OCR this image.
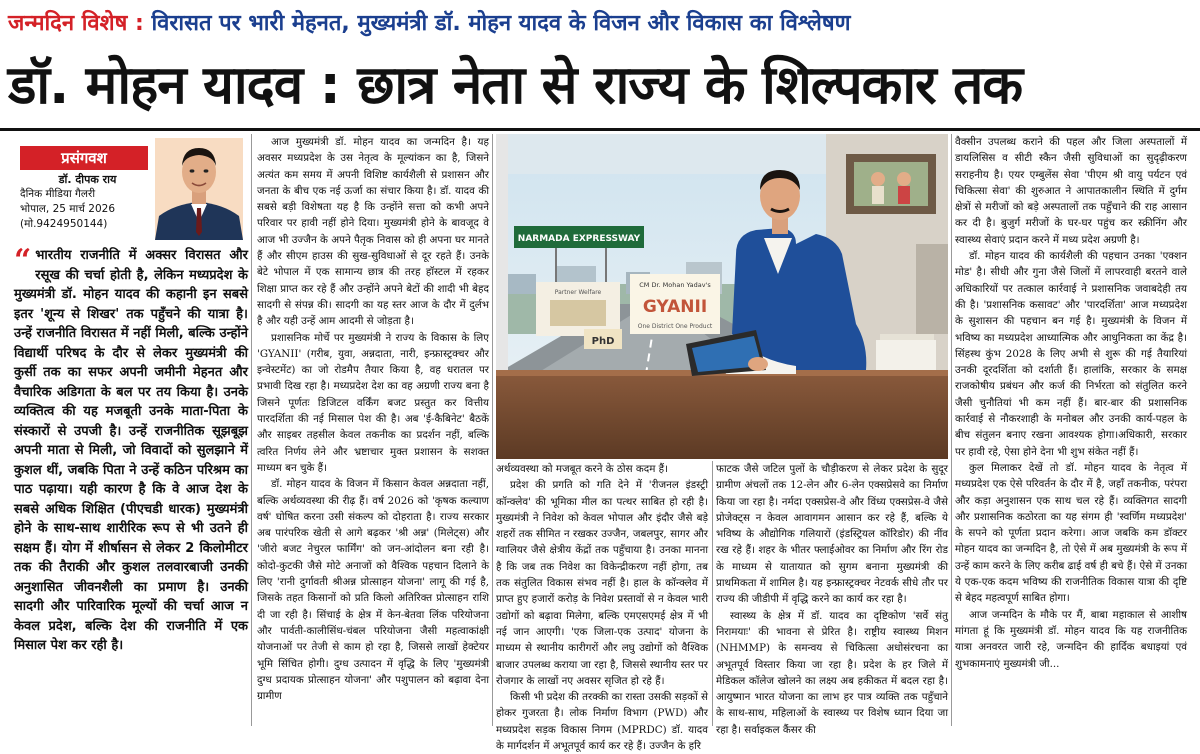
जन्मदिन विशेष : विरासत पर भारी मेहनत, मुख्यमंत्री डॉ. मोहन यादव के विजन और विकास का विश्लेषण
डॉ. मोहन यादव : छात्र नेता से राज्य के शिल्पकार तक
प्रसंगवश
डॉ. दीपक राय
दैनिक मीडिया गैलरी
भोपाल, 25 मार्च 2026
(मो.9424950144)
“ भारतीय राजनीति में अक्सर विरासत और रसूख की चर्चा होती है, लेकिन मध्यप्रदेश के मुख्यमंत्री डॉ. मोहन यादव की कहानी इन सबसे इतर 'शून्य से शिखर' तक पहुँचने की यात्रा है। उन्हें राजनीति विरासत में नहीं मिली, बल्कि उन्होंने विद्यार्थी परिषद के दौर से लेकर मुख्यमंत्री की कुर्सी तक का सफर अपनी जमीनी मेहनत और वैचारिक अडिगता के बल पर तय किया है। उनके व्यक्तित्व की यह मजबूती उनके माता-पिता के संस्कारों से उपजी है। उन्हें राजनीतिक सूझबूझ अपनी माता से मिली, जो विवादों को सुलझाने में कुशल थीं, जबकि पिता ने उन्हें कठिन परिश्रम का पाठ पढ़ाया। यही कारण है कि वे आज देश के सबसे अधिक शिक्षित (पीएचडी धारक) मुख्यमंत्री होने के साथ-साथ शारीरिक रूप से भी उतने ही सक्षम हैं। योग में शीर्षासन से लेकर 2 किलोमीटर तक की तैराकी और कुशल तलवारबाजी उनकी अनुशासित जीवनशैली का प्रमाण है। उनकी सादगी और पारिवारिक मूल्यों की चर्चा आज न केवल प्रदेश, बल्कि देश की राजनीति में एक मिसाल पेश कर रही है।

आज मुख्यमंत्री डॉ. मोहन यादव का जन्मदिन है। यह अवसर मध्यप्रदेश के उस नेतृत्व के मूल्यांकन का है, जिसने अत्यंत कम समय में अपनी विशिष्ट कार्यशैली से प्रशासन और जनता के बीच एक नई ऊर्जा का संचार किया है। डॉ. यादव की सबसे बड़ी विशेषता यह है कि उन्होंने सत्ता को कभी अपने परिवार पर हावी नहीं होने दिया। मुख्यमंत्री होने के बावजूद वे आज भी उज्जैन के अपने पैतृक निवास को ही अपना घर मानते हैं और सीएम हाउस की सुख-सुविधाओं से दूर रहते हैं। उनके बेटे भोपाल में एक सामान्य छात्र की तरह हॉस्टल में रहकर शिक्षा प्राप्त कर रहे हैं और उन्होंने अपने बेटों की शादी भी बेहद सादगी से संपन्न की। सादगी का यह स्तर आज के दौर में दुर्लभ है और यही उन्हें आम आदमी से जोड़ता है।

प्रशासनिक मोर्चे पर मुख्यमंत्री ने राज्य के विकास के लिए 'GYANII' (गरीब, युवा, अन्नदाता, नारी, इन्फ्रास्ट्रक्चर और इन्वेस्टमेंट) का जो रोडमैप तैयार किया है, वह धरातल पर प्रभावी दिख रहा है। मध्यप्रदेश देश का वह अग्रणी राज्य बना है जिसने पूर्णतः डिजिटल वर्किंग बजट प्रस्तुत कर वित्तीय पारदर्शिता की नई मिसाल पेश की है। अब 'ई-कैबिनेट' बैठकें और साइबर तहसील केवल तकनीक का प्रदर्शन नहीं, बल्कि त्वरित निर्णय लेने और भ्रष्टाचार मुक्त प्रशासन के सशक्त माध्यम बन चुके हैं।

डॉ. मोहन यादव के विजन में किसान केवल अन्नदाता नहीं, बल्कि अर्थव्यवस्था की रीढ़ हैं। वर्ष 2026 को 'कृषक कल्याण वर्ष' घोषित करना उसी संकल्प को दोहराता है। राज्य सरकार अब पारंपरिक खेती से आगे बढ़कर 'श्री अन्न' (मिलेट्स) और 'जीरो बजट नेचुरल फार्मिंग' को जन-आंदोलन बना रही है। कोदो-कुटकी जैसे मोटे अनाजों को वैश्विक पहचान दिलाने के लिए 'रानी दुर्गावती श्रीअन्न प्रोत्साहन योजना' लागू की गई है, जिसके तहत किसानों को प्रति किलो अतिरिक्त प्रोत्साहन राशि दी जा रही है। सिंचाई के क्षेत्र में केन-बेतवा लिंक परियोजना और पार्वती-कालीसिंध-चंबल परियोजना जैसी महत्वाकांक्षी योजनाओं पर तेजी से काम हो रहा है, जिससे लाखों हेक्टेयर भूमि सिंचित होगी। दुग्ध उत्पादन में वृद्धि के लिए 'मुख्यमंत्री दुग्ध प्रदायक प्रोत्साहन योजना' और पशुपालन को बढ़ावा देना ग्रामीण

NARMADA EXPRESSWAY
Partner Welfare
CM Dr. Mohan Yadav's
GYANII
One District One Product
PhD

अर्थव्यवस्था को मजबूत करने के ठोस कदम हैं।

प्रदेश की प्रगति को गति देने में 'रीजनल इंडस्ट्री कॉन्क्लेव' की भूमिका मील का पत्थर साबित हो रही है। मुख्यमंत्री ने निवेश को केवल भोपाल और इंदौर जैसे बड़े शहरों तक सीमित न रखकर उज्जैन, जबलपुर, सागर और ग्वालियर जैसे क्षेत्रीय केंद्रों तक पहुँचाया है। उनका मानना है कि जब तक निवेश का विकेन्द्रीकरण नहीं होगा, तब तक संतुलित विकास संभव नहीं है। हाल के कॉन्क्लेव में प्राप्त हुए हजारों करोड़ के निवेश प्रस्तावों से न केवल भारी उद्योगों को बढ़ावा मिलेगा, बल्कि एमएसएमई क्षेत्र में भी नई जान आएगी। 'एक जिला-एक उत्पाद' योजना के माध्यम से स्थानीय कारीगरों और लघु उद्योगों को वैश्विक बाजार उपलब्ध कराया जा रहा है, जिससे स्थानीय स्तर पर रोजगार के लाखों नए अवसर सृजित हो रहे हैं।

किसी भी प्रदेश की तरक्की का रास्ता उसकी सड़कों से होकर गुजरता है। लोक निर्माण विभाग (PWD) और मध्यप्रदेश सड़क विकास निगम (MPRDC) डॉ. यादव के मार्गदर्शन में अभूतपूर्व कार्य कर रहे हैं। उज्जैन के हरि

फाटक जैसे जटिल पुलों के चौड़ीकरण से लेकर प्रदेश के सुदूर ग्रामीण अंचलों तक 12-लेन और 6-लेन एक्सप्रेसवे का निर्माण किया जा रहा है। नर्मदा एक्सप्रेस-वे और विंध्य एक्सप्रेस-वे जैसे प्रोजेक्ट्स न केवल आवागमन आसान कर रहे हैं, बल्कि ये भविष्य के औद्योगिक गलियारों (इंडस्ट्रियल कॉरिडोर) की नींव रख रहे हैं। शहर के भीतर फ्लाईओवर का निर्माण और रिंग रोड के माध्यम से यातायात को सुगम बनाना मुख्यमंत्री की प्राथमिकता में शामिल है। यह इन्फ्रास्ट्रक्चर नेटवर्क सीधे तौर पर राज्य की जीडीपी में वृद्धि करने का कार्य कर रहा है।

स्वास्थ्य के क्षेत्र में डॉ. यादव का दृष्टिकोण 'सर्वे संतु निरामयाः' की भावना से प्रेरित है। राष्ट्रीय स्वास्थ्य मिशन (NHMMP) के समन्वय से चिकित्सा अधोसंरचना का अभूतपूर्व विस्तार किया जा रहा है। प्रदेश के हर जिले में मेडिकल कॉलेज खोलने का लक्ष्य अब हकीकत में बदल रहा है। आयुष्मान भारत योजना का लाभ हर पात्र व्यक्ति तक पहुँचाने के साथ-साथ, महिलाओं के स्वास्थ्य पर विशेष ध्यान दिया जा रहा है। सर्वाइकल कैंसर की

वैक्सीन उपलब्ध कराने की पहल और जिला अस्पतालों में डायलिसिस व सीटी स्कैन जैसी सुविधाओं का सुदृढ़ीकरण सराहनीय है। एयर एम्बुलेंस सेवा 'पीएम श्री वायु पर्यटन एवं चिकित्सा सेवा' की शुरुआत ने आपातकालीन स्थिति में दुर्गम क्षेत्रों से मरीजों को बड़े अस्पतालों तक पहुँचाने की राह आसान कर दी है। बुजुर्ग मरीजों के घर-घर पहुंच कर स्क्रीनिंग और स्वास्थ्य सेवाएं प्रदान करने में मध्य प्रदेश अग्रणी है।

डॉ. मोहन यादव की कार्यशैली की पहचान उनका 'एक्शन मोड' है। सीधी और गुना जैसे जिलों में लापरवाही बरतने वाले अधिकारियों पर तत्काल कार्रवाई ने प्रशासनिक जवाबदेही तय की है। 'प्रशासनिक कसावट' और 'पारदर्शिता' आज मध्यप्रदेश के सुशासन की पहचान बन गई है। मुख्यमंत्री के विजन में भविष्य का मध्यप्रदेश आध्यात्मिक और आधुनिकता का केंद्र है। सिंहस्थ कुंभ 2028 के लिए अभी से शुरू की गई तैयारियां उनकी दूरदर्शिता को दर्शाती हैं। हालांकि, सरकार के समक्ष राजकोषीय प्रबंधन और कर्ज की निर्भरता को संतुलित करने जैसी चुनौतियां भी कम नहीं हैं। बार-बार की प्रशासनिक कार्रवाई से नौकरशाही के मनोबल और उनकी कार्य-पहल के बीच संतुलन बनाए रखना आवश्यक होगा।अधिकारी, सरकार पर हावी रहे, ऐसा होने देना भी शुभ संकेत नहीं हैं।

कुल मिलाकर देखें तो डॉ. मोहन यादव के नेतृत्व में मध्यप्रदेश एक ऐसे परिवर्तन के दौर में है, जहाँ तकनीक, परंपरा और कड़ा अनुशासन एक साथ चल रहे हैं। व्यक्तिगत सादगी और प्रशासनिक कठोरता का यह संगम ही 'स्वर्णिम मध्यप्रदेश' के सपने को पूर्णता प्रदान करेगा। आज जबकि कम डॉक्टर मोहन यादव का जन्मदिन है, तो ऐसे में अब मुख्यमंत्री के रूप में उन्हें काम करने के लिए करीब ढाई वर्ष ही बचे हैं। ऐसे में उनका ये एक-एक कदम भविष्य की राजनीतिक विकास यात्रा की दृष्टि से बेहद महत्वपूर्ण साबित होगा।

आज जन्मदिन के मौके पर मैं, बाबा महाकाल से आशीष मांगता हूं कि मुख्यमंत्री डॉ. मोहन यादव कि यह राजनीतिक यात्रा अनवरत जारी रहे, जन्मदिन की हार्दिक बधाइयां एवं शुभकामनाएं मुख्यमंत्री जी...
